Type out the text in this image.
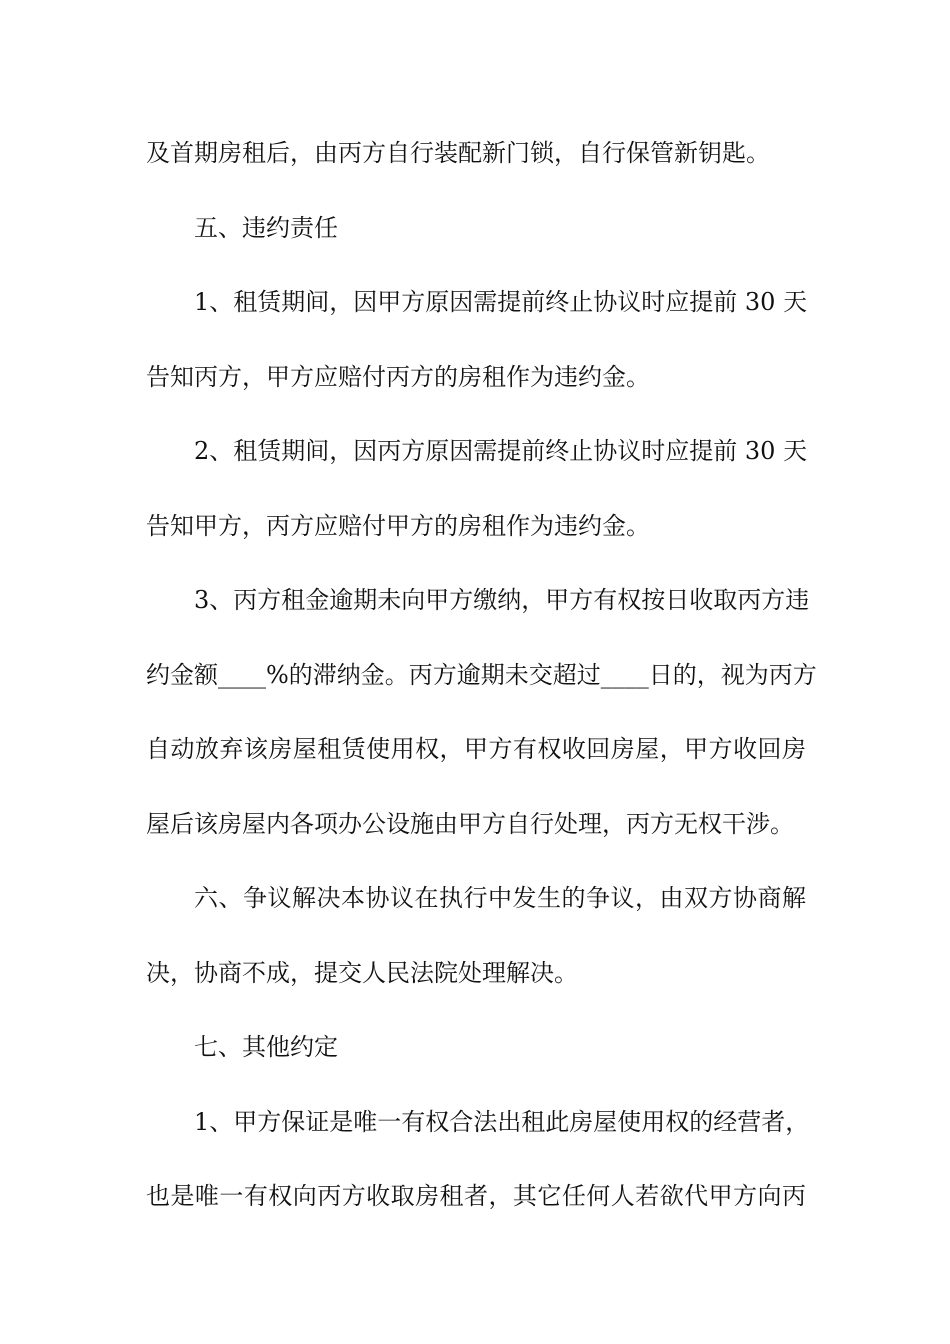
及首期房租后，由丙方自行装配新门锁，自行保管新钥匙。
五、违约责任
1、租赁期间，因甲方原因需提前终止协议时应提前 30 天
告知丙方，甲方应赔付丙方的房租作为违约金。
2、租赁期间，因丙方原因需提前终止协议时应提前 30 天
告知甲方，丙方应赔付甲方的房租作为违约金。
3、丙方租金逾期未向甲方缴纳，甲方有权按日收取丙方违
约金额____%的滞纳金。丙方逾期未交超过____日的，视为丙方
自动放弃该房屋租赁使用权，甲方有权收回房屋，甲方收回房
屋后该房屋内各项办公设施由甲方自行处理，丙方无权干涉。
六、争议解决本协议在执行中发生的争议，由双方协商解
决，协商不成，提交人民法院处理解决。
七、其他约定
1、甲方保证是唯一有权合法出租此房屋使用权的经营者，
也是唯一有权向丙方收取房租者，其它任何人若欲代甲方向丙
